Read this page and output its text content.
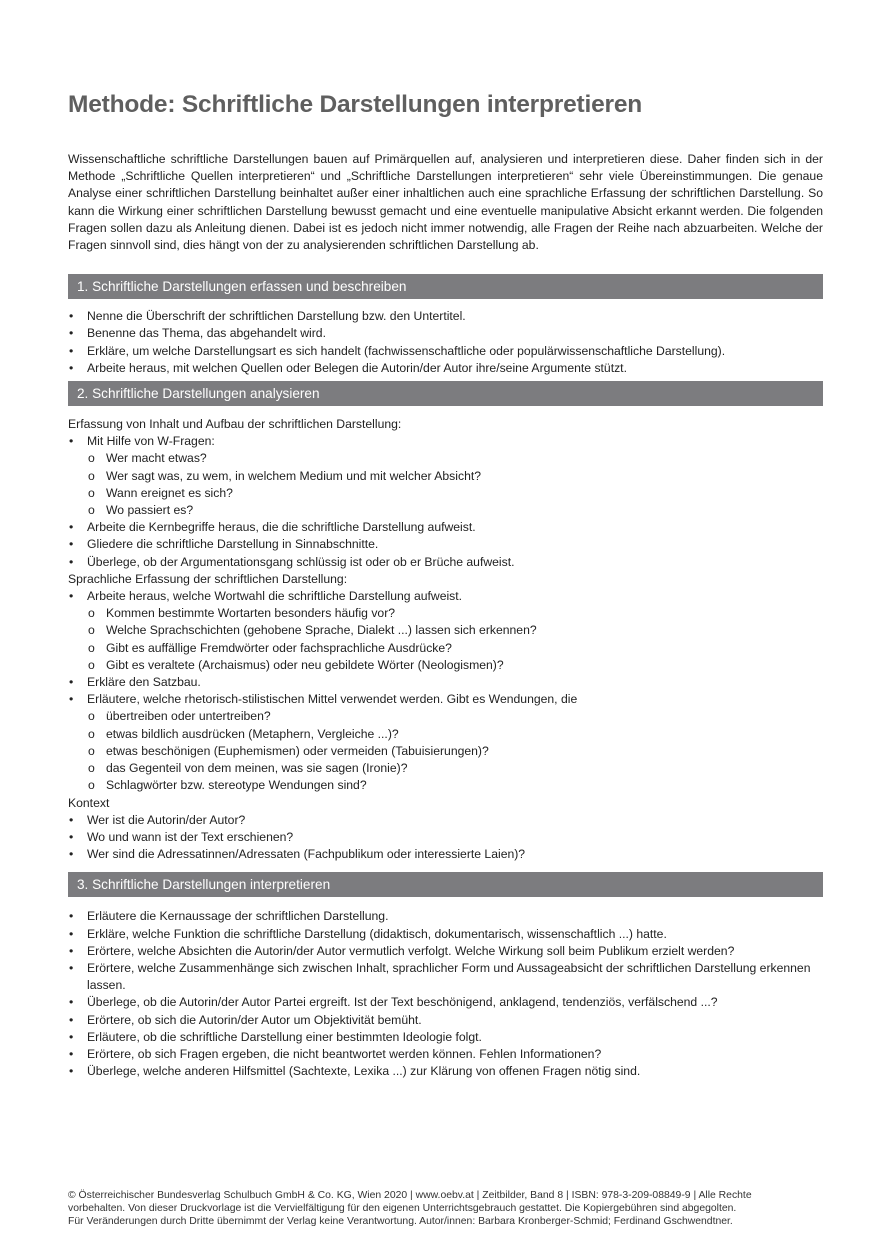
Methode: Schriftliche Darstellungen interpretieren

Wissenschaftliche schriftliche Darstellungen bauen auf Primärquellen auf, analysieren und interpretieren diese. Daher finden sich in der Methode „Schriftliche Quellen interpretieren“ und „Schriftliche Darstellungen interpretieren“ sehr viele Übereinstimmungen. Die genaue Analyse einer schriftlichen Darstellung beinhaltet außer einer inhaltlichen auch eine sprachliche Erfassung der schriftlichen Darstellung. So kann die Wirkung einer schriftlichen Darstellung bewusst gemacht und eine eventuelle manipulative Absicht erkannt werden. Die folgenden Fragen sollen dazu als Anleitung dienen. Dabei ist es jedoch nicht immer notwendig, alle Fragen der Reihe nach abzuarbeiten. Welche der Fragen sinnvoll sind, dies hängt von der zu analysierenden schriftlichen Darstellung ab.

1. Schriftliche Darstellungen erfassen und beschreiben
• Nenne die Überschrift der schriftlichen Darstellung bzw. den Untertitel.
• Benenne das Thema, das abgehandelt wird.
• Erkläre, um welche Darstellungsart es sich handelt (fachwissenschaftliche oder populärwissenschaftliche Darstellung).
• Arbeite heraus, mit welchen Quellen oder Belegen die Autorin/der Autor ihre/seine Argumente stützt.
2. Schriftliche Darstellungen analysieren
Erfassung von Inhalt und Aufbau der schriftlichen Darstellung:
• Mit Hilfe von W-Fragen:
o Wer macht etwas?
o Wer sagt was, zu wem, in welchem Medium und mit welcher Absicht?
o Wann ereignet es sich?
o Wo passiert es?
• Arbeite die Kernbegriffe heraus, die die schriftliche Darstellung aufweist.
• Gliedere die schriftliche Darstellung in Sinnabschnitte.
• Überlege, ob der Argumentationsgang schlüssig ist oder ob er Brüche aufweist.
Sprachliche Erfassung der schriftlichen Darstellung:
• Arbeite heraus, welche Wortwahl die schriftliche Darstellung aufweist.
o Kommen bestimmte Wortarten besonders häufig vor?
o Welche Sprachschichten (gehobene Sprache, Dialekt ...) lassen sich erkennen?
o Gibt es auffällige Fremdwörter oder fachsprachliche Ausdrücke?
o Gibt es veraltete (Archaismus) oder neu gebildete Wörter (Neologismen)?
• Erkläre den Satzbau.
• Erläutere, welche rhetorisch-stilistischen Mittel verwendet werden. Gibt es Wendungen, die
o übertreiben oder untertreiben?
o etwas bildlich ausdrücken (Metaphern, Vergleiche ...)?
o etwas beschönigen (Euphemismen) oder vermeiden (Tabuisierungen)?
o das Gegenteil von dem meinen, was sie sagen (Ironie)?
o Schlagwörter bzw. stereotype Wendungen sind?
Kontext
• Wer ist die Autorin/der Autor?
• Wo und wann ist der Text erschienen?
• Wer sind die Adressatinnen/Adressaten (Fachpublikum oder interessierte Laien)?
3. Schriftliche Darstellungen interpretieren
• Erläutere die Kernaussage der schriftlichen Darstellung.
• Erkläre, welche Funktion die schriftliche Darstellung (didaktisch, dokumentarisch, wissenschaftlich ...) hatte.
• Erörtere, welche Absichten die Autorin/der Autor vermutlich verfolgt. Welche Wirkung soll beim Publikum erzielt werden?
• Erörtere, welche Zusammenhänge sich zwischen Inhalt, sprachlicher Form und Aussageabsicht der schriftlichen Darstellung erkennen lassen.
• Überlege, ob die Autorin/der Autor Partei ergreift. Ist der Text beschönigend, anklagend, tendenziös, verfälschend ...?
• Erörtere, ob sich die Autorin/der Autor um Objektivität bemüht.
• Erläutere, ob die schriftliche Darstellung einer bestimmten Ideologie folgt.
• Erörtere, ob sich Fragen ergeben, die nicht beantwortet werden können. Fehlen Informationen?
• Überlege, welche anderen Hilfsmittel (Sachtexte, Lexika ...) zur Klärung von offenen Fragen nötig sind.
© Österreichischer Bundesverlag Schulbuch GmbH & Co. KG, Wien 2020 | www.oebv.at | Zeitbilder, Band 8 | ISBN: 978-3-209-08849-9 | Alle Rechte
vorbehalten. Von dieser Druckvorlage ist die Vervielfältigung für den eigenen Unterrichtsgebrauch gestattet. Die Kopiergebühren sind abgegolten.
Für Veränderungen durch Dritte übernimmt der Verlag keine Verantwortung. Autor/innen: Barbara Kronberger-Schmid; Ferdinand Gschwendtner.
